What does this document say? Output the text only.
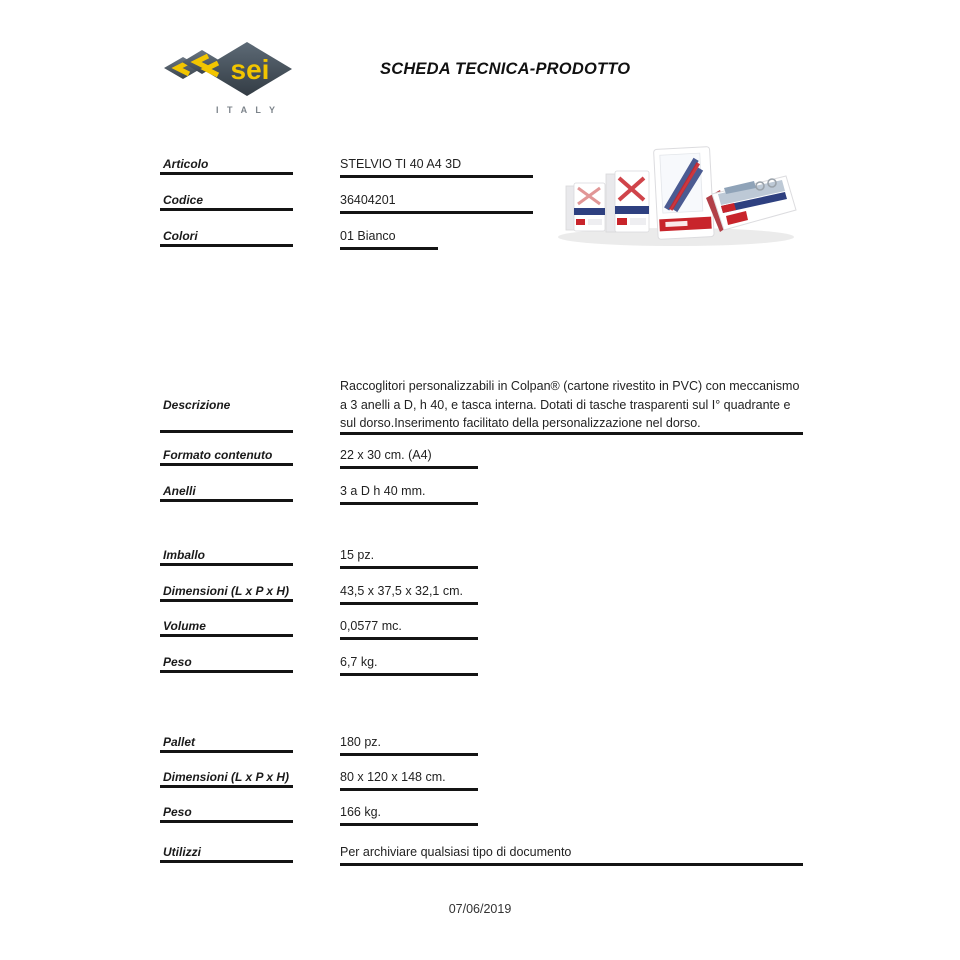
sei
I T A L Y
SCHEDA TECNICA-PRODOTTO
Articolo	STELVIO TI 40 A4 3D
Codice	36404201
Colori	01 Bianco
Descrizione
Raccoglitori personalizzabili in Colpan® (cartone rivestito in PVC) con meccanismo a 3 anelli a D, h 40, e tasca interna. Dotati di tasche trasparenti sul I° quadrante e sul dorso.Inserimento facilitato della personalizzazione nel dorso.
Formato contenuto	22 x 30 cm. (A4)
Anelli	3 a D h 40 mm.
Imballo	15 pz.
Dimensioni (L x P x H)	43,5 x 37,5 x 32,1 cm.
Volume	0,0577 mc.
Peso	6,7 kg.
Pallet	180 pz.
Dimensioni (L x P x H)	80 x 120 x 148 cm.
Peso	166 kg.
Utilizzi	Per archiviare qualsiasi tipo di documento
07/06/2019
